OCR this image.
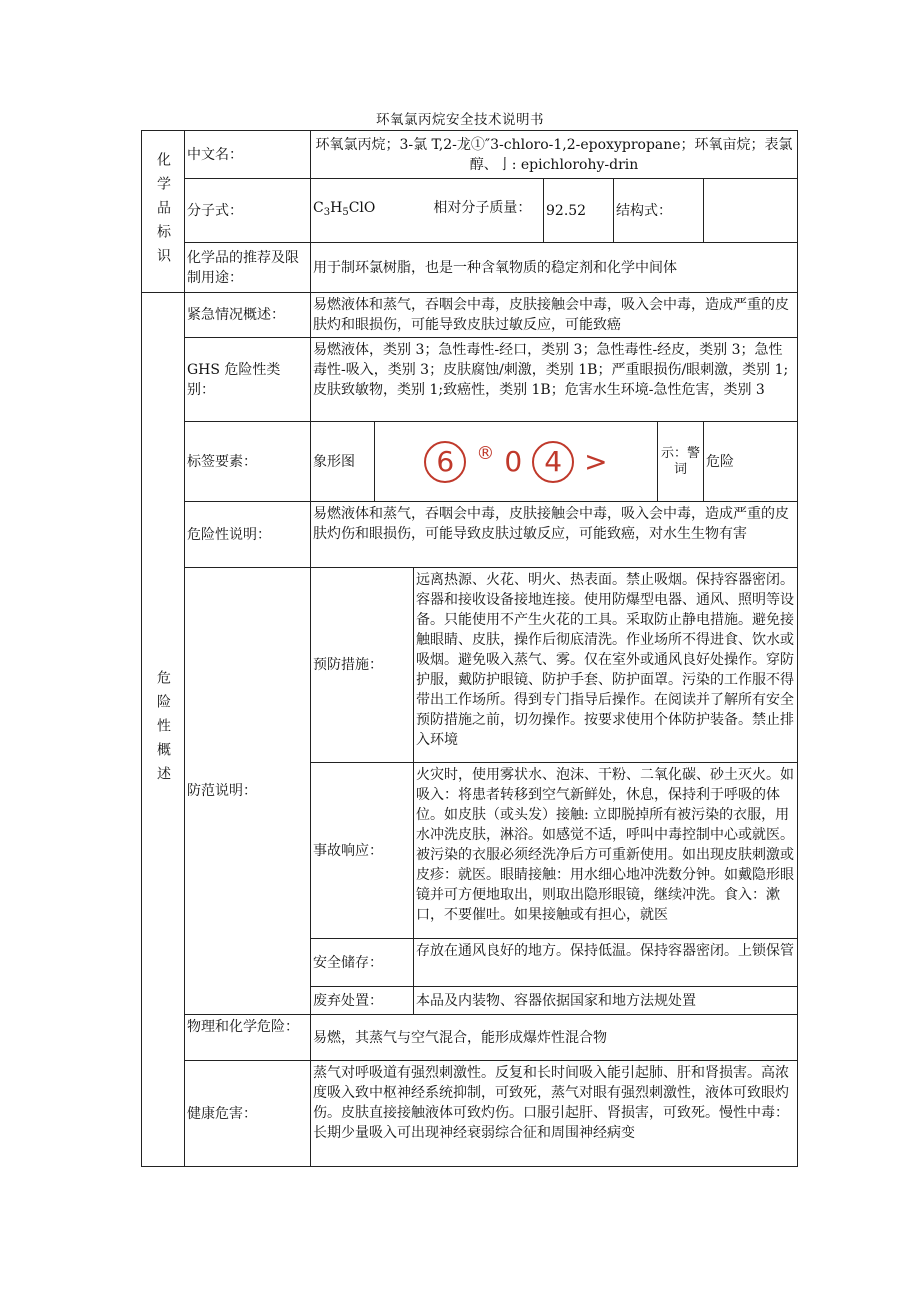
环氧氯丙烷安全技术说明书
化学品标识	中文名：	环氧氯丙烷；3-氯 T,2-龙①″3-chloro-1,2-epoxypropane；环氧亩烷；表氯醇、亅: epichlorohy-drin						
	分子式：	$C_3H_5ClO$ 相对分子质量：			92.52	结构式：		
	化学品的推荐及限制用途：	用于制环氯树脂，也是一种含氧物质的稳定剂和化学中间体						
危险性概述	紧急情况概述：	易燃液体和蒸气，吞咽会中毒，皮肤接触会中毒，吸入会中毒，造成严重的皮肤灼和眼损伤，可能导致皮肤过敏反应，可能致癌						
	GHS 危险性类别：	易燃液体，类别 3；急性毒性-经口，类别 3；急性毒性-经皮，类别 3；急性毒性-吸入，类别 3；皮肤腐蚀/刺激，类别 1B；严重眼损伤/眼刺激，类别 1;皮肤致敏物，类别 1;致癌性，类别 1B；危害水生环境-急性危害，类别 3						
	标签要素：	象形图	6 ® 0 4 >				示：警词	危险
	危险性说明：	易燃液体和蒸气，吞咽会中毒，皮肤接触会中毒，吸入会中毒，造成严重的皮肤灼伤和眼损伤，可能导致皮肤过敏反应，可能致癌，对水生生物有害						
	防范说明：	预防措施：		远离热源、火花、明火、热表面。禁止吸烟。保持容器密闭。容器和接收设备接地连接。使用防爆型电器、通风、照明等设备。只能使用不产生火花的工具。采取防止静电措施。避免接触眼睛、皮肤，操作后彻底清洗。作业场所不得进食、饮水或吸烟。避免吸入蒸气、雾。仅在室外或通风良好处操作。穿防护服，戴防护眼镜、防护手套、防护面罩。污染的工作服不得带出工作场所。得到专门指导后操作。在阅读并了解所有安全预防措施之前，切勿操作。按要求使用个体防护装备。禁止排入环境				
		事故响应：		火灾时，使用雾状水、泡沫、干粉、二氧化碳、砂土灭火。如吸入：将患者转移到空气新鲜处，休息，保持利于呼吸的体位。如皮肤（或头发）接触: 立即脱掉所有被污染的衣服，用水冲洗皮肤，淋浴。如感觉不适，呼叫中毒控制中心或就医。被污染的衣服必须经洗净后方可重新使用。如出现皮肤刺激或皮疹：就医。眼睛接触：用水细心地冲洗数分钟。如戴隐形眼镜并可方便地取出，则取出隐形眼镜，继续冲洗。食入：漱口，不要催吐。如果接触或有担心，就医				
		安全储存：		存放在通风良好的地方。保持低温。保持容器密闭。上锁保管				
		废弃处置：		本品及内装物、容器依据国家和地方法规处置				
	物理和化学危险：	易燃，其蒸气与空气混合，能形成爆炸性混合物						
	健康危害：	蒸气对呼吸道有强烈刺激性。反复和长时间吸入能引起肺、肝和肾损害。高浓度吸入致中枢神经系统抑制，可致死，蒸气对眼有强烈刺激性，液体可致眼灼伤。皮肤直接接触液体可致灼伤。口服引起肝、肾损害，可致死。慢性中毒：长期少量吸入可出现神经衰弱综合征和周围神经病变						
